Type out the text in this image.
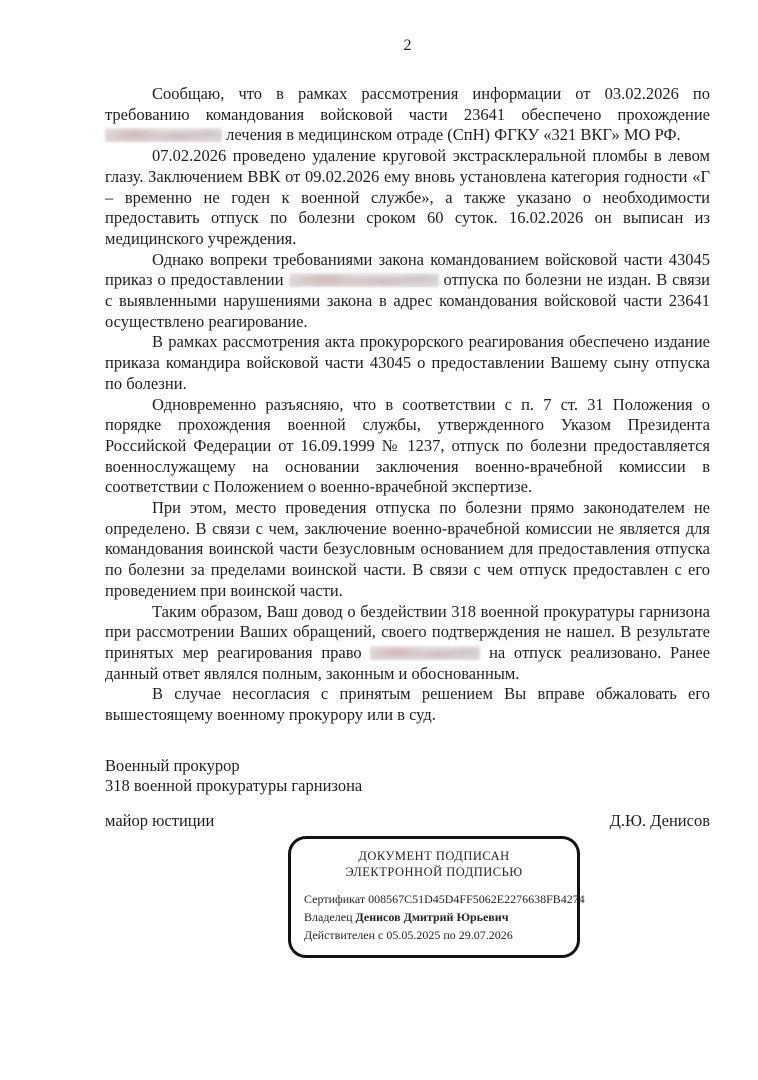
2

Сообщаю, что в рамках рассмотрения информации от 03.02.2026 по требованию командования войсковой части 23641 обеспечено прохождение  лечения в медицинском отраде (СпН) ФГКУ «321 ВКГ» МО РФ.

07.02.2026 проведено удаление круговой экстрасклеральной пломбы в левом глазу. Заключением ВВК от 09.02.2026 ему вновь установлена категория годности «Г – временно не годен к военной службе», а также указано о необходимости предоставить отпуск по болезни сроком 60 суток. 16.02.2026 он выписан из медицинского учреждения.

Однако вопреки требованиями закона командованием войсковой части 43045 приказ о предоставлении	отпуска по болезни не издан. В связи с выявленными нарушениями закона в адрес командования войсковой части 23641 осуществлено реагирование.

В рамках рассмотрения акта прокурорского реагирования обеспечено издание приказа командира войсковой части 43045 о предоставлении Вашему сыну отпуска по болезни.

Одновременно разъясняю, что в соответствии с п. 7 ст. 31 Положения о порядке прохождения военной службы, утвержденного Указом Президента Российской Федерации от 16.09.1999 № 1237, отпуск по болезни предоставляется военнослужащему на основании заключения военно-врачебной комиссии в соответствии с Положением о военно-врачебной экспертизе.

При этом, место проведения отпуска по болезни прямо законодателем не определено. В связи с чем, заключение военно-врачебной комиссии не является для командования воинской части безусловным основанием для предоставления отпуска по болезни за пределами воинской части. В связи с чем отпуск предоставлен с его проведением при воинской части.

Таким образом, Ваш довод о бездействии 318 военной прокуратуры гарнизона при рассмотрении Ваших обращений, своего подтверждения не нашел. В результате принятых мер реагирования право	на отпуск реализовано. Ранее данный ответ являлся полным, законным и обоснованным.

В случае несогласия с принятым решением Вы вправе обжаловать его вышестоящему военному прокурору или в суд.

Военный прокурор
318 военной прокуратуры гарнизона
майор юстиции	Д.Ю. Денисов
ДОКУМЕНТ ПОДПИСАН
ЭЛЕКТРОННОЙ ПОДПИСЬЮ
Сертификат 008567C51D45D4FF5062E2276638FB4274
Владелец Денисов Дмитрий Юрьевич
Действителен с 05.05.2025 по 29.07.2026
